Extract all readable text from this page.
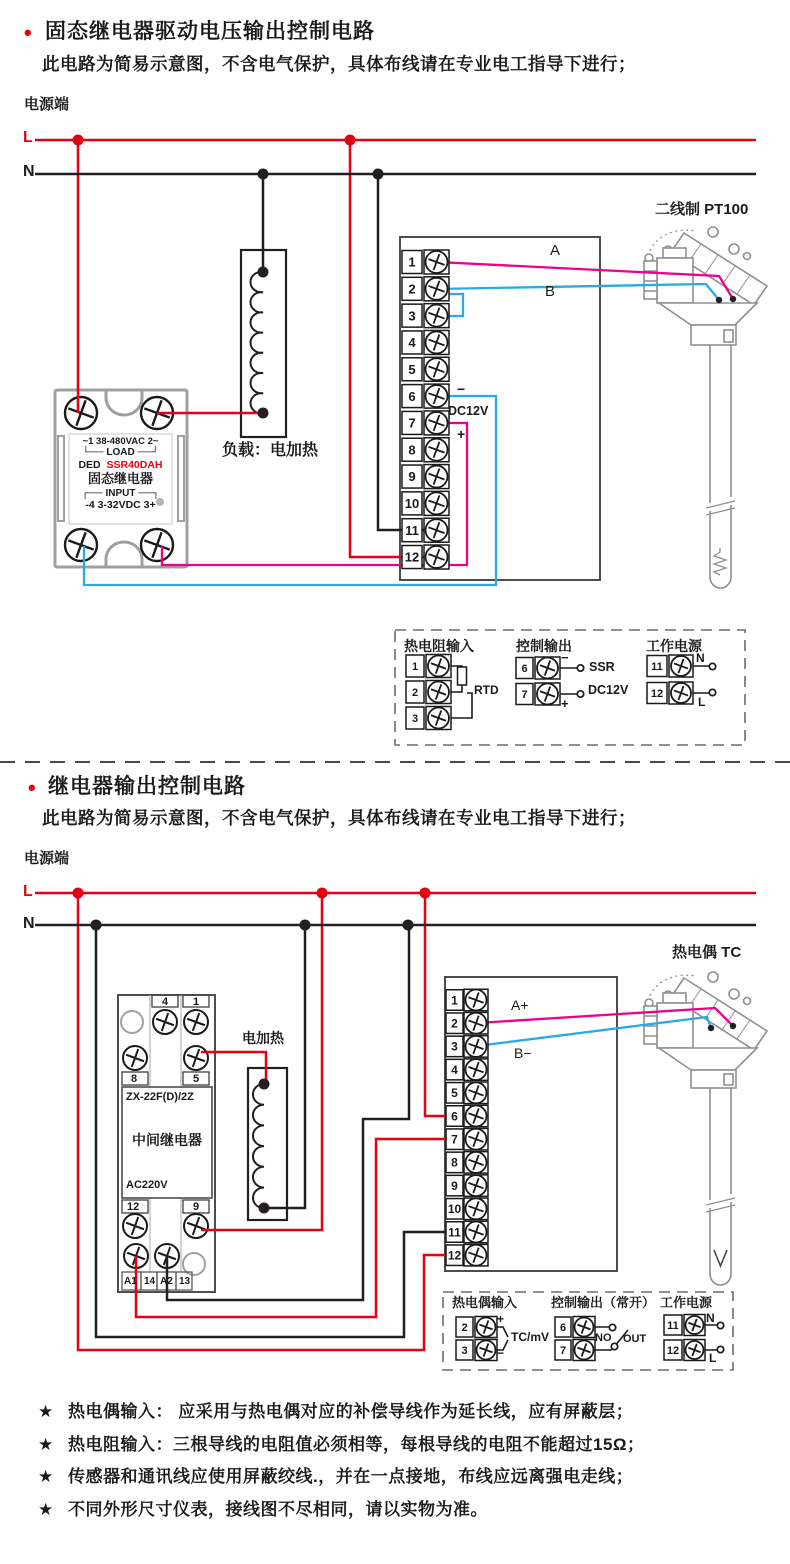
1
2
3
4
5
6
7
8
9
10
11
12
1
2
3
4
5
6
7
8
9
10
11
12
1
2
3
6
7
11
12
2
3
6
7
11
12
• 固态继电器驱动电压输出控制电路
此电路为简易示意图，不含电气保护，具体布线请在专业电工指导下进行；
电源端
L
N
~1 38-480VAC 2~
└── LOAD ──┘
DED SSR40DAH
固态继电器
┌── INPUT ──┐
-4 3-32VDC 3+
负载：电加热
A
B
−
DC12V
+
二线制 PT100
热电阻输入	控制输出	工作电源
RTD
−
SSR
DC12V
+
N
L
• 继电器输出控制电路
此电路为简易示意图，不含电气保护，具体布线请在专业电工指导下进行；
电源端
L
N
4 1
8	5
ZX-22F(D)/2Z
中间继电器
AC220V
12	9
A1 14 A2 13
电加热
A+
B−
热电偶 TC
热电偶输入	控制输出（常开） 工作电源
+
−
TC/mV	NO OUT
N
L
★ 热电偶输入： 应采用与热电偶对应的补偿导线作为延长线，应有屏蔽层；
★ 热电阻输入：三根导线的电阻值必须相等，每根导线的电阻不能超过15Ω；
★ 传感器和通讯线应使用屏蔽绞线.，并在一点接地，布线应远离强电走线；
★ 不同外形尺寸仪表，接线图不尽相同，请以实物为准。
